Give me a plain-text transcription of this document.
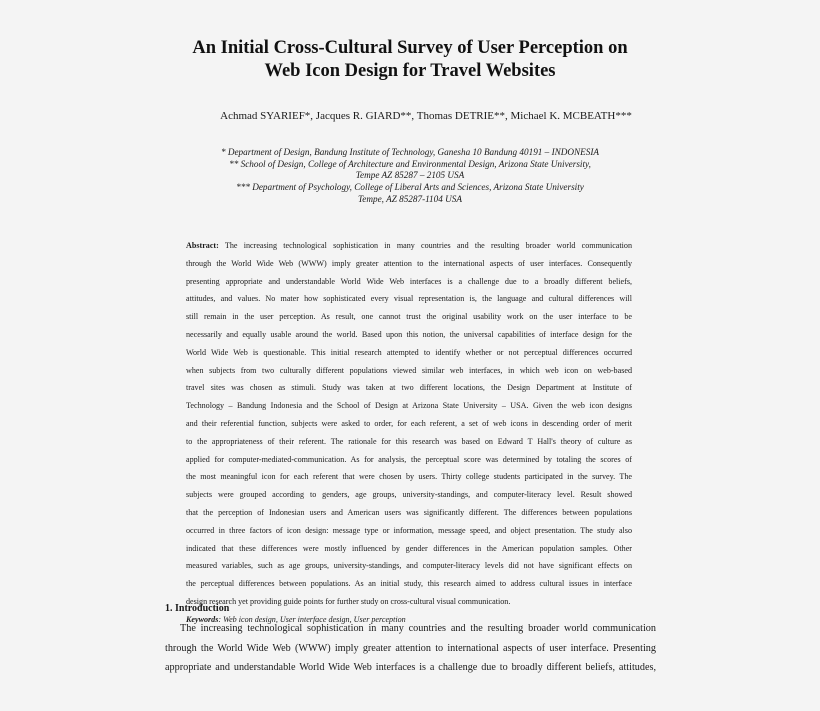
An Initial Cross-Cultural Survey of User Perception on
Web Icon Design for Travel Websites
Achmad SYARIEF*, Jacques R. GIARD**, Thomas DETRIE**, Michael K. MCBEATH***
* Department of Design, Bandung Institute of Technology, Ganesha 10 Bandung 40191 – INDONESIA
** School of Design, College of Architecture and Environmental Design, Arizona State University,
Tempe AZ 85287 – 2105 USA
*** Department of Psychology, College of Liberal Arts and Sciences, Arizona State University
Tempe, AZ 85287-1104 USA
Abstract: The increasing technological sophistication in many countries and the resulting broader world communication
through the World Wide Web (WWW) imply greater attention to the international aspects of user interfaces. Consequently
presenting appropriate and understandable World Wide Web interfaces is a challenge due to a broadly different beliefs,
attitudes, and values. No mater how sophisticated every visual representation is, the language and cultural differences will
still remain in the user perception. As result, one cannot trust the original usability work on the user interface to be
necessarily and equally usable around the world. Based upon this notion, the universal capabilities of interface design for the
World Wide Web is questionable. This initial research attempted to identify whether or not perceptual differences occurred
when subjects from two culturally different populations viewed similar web interfaces, in which web icon on web-based
travel sites was chosen as stimuli. Study was taken at two different locations, the Design Department at Institute of
Technology – Bandung Indonesia and the School of Design at Arizona State University – USA. Given the web icon designs
and their referential function, subjects were asked to order, for each referent, a set of web icons in descending order of merit
to the appropriateness of their referent. The rationale for this research was based on Edward T Hall's theory of culture as
applied for computer-mediated-communication. As for analysis, the perceptual score was determined by totaling the scores of
the most meaningful icon for each referent that were chosen by users. Thirty college students participated in the survey. The
subjects were grouped according to genders, age groups, university-standings, and computer-literacy level. Result showed
that the perception of Indonesian users and American users was significantly different. The differences between populations
occurred in three factors of icon design: message type or information, message speed, and object presentation. The study also
indicated that these differences were mostly influenced by gender differences in the American population samples. Other
measured variables, such as age groups, university-standings, and computer-literacy levels did not have significant effects on
the perceptual differences between populations. As an initial study, this research aimed to address cultural issues in interface
design research yet providing guide points for further study on cross-cultural visual communication.
Keywords: Web icon design, User interface design, User perception
1. Introduction
The increasing technological sophistication in many countries and the resulting broader world communication
through the World Wide Web (WWW) imply greater attention to international aspects of user interface. Presenting
appropriate and understandable World Wide Web interfaces is a challenge due to broadly different beliefs, attitudes,
